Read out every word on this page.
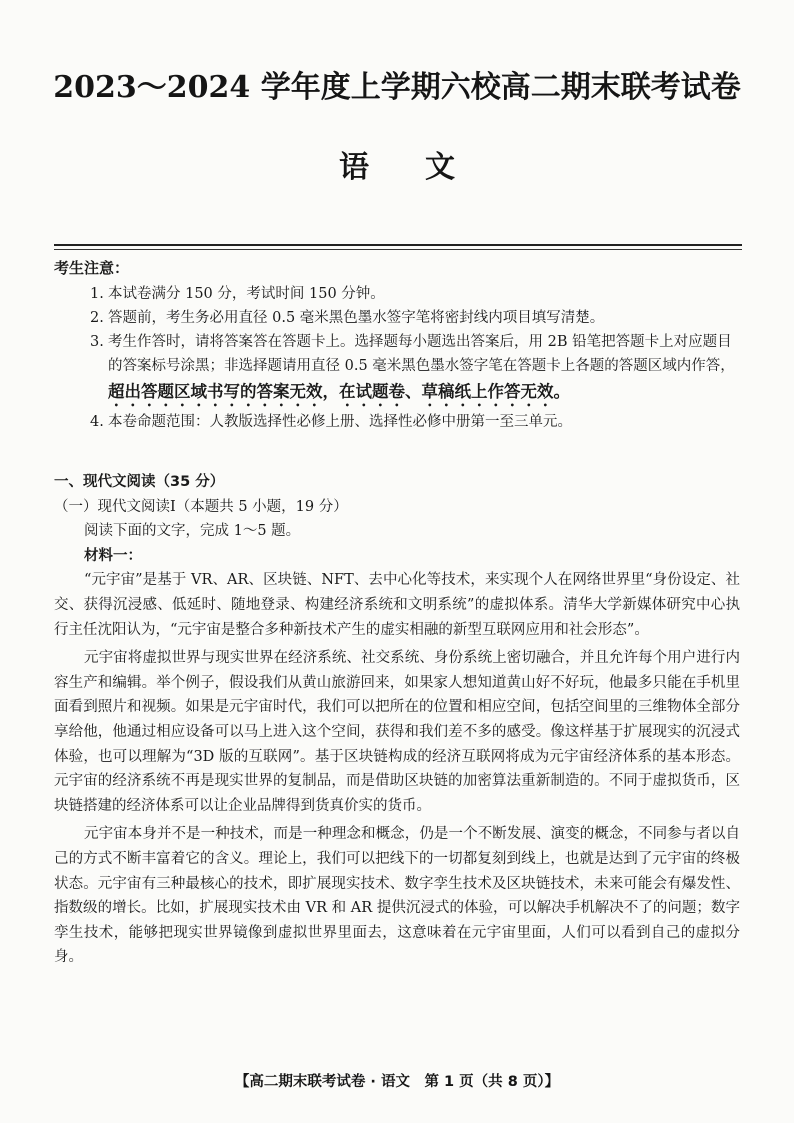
2023～2024 学年度上学期六校高二期末联考试卷
语文
考生注意：
1. 本试卷满分 150 分，考试时间 150 分钟。
2. 答题前，考生务必用直径 0.5 毫米黑色墨水签字笔将密封线内项目填写清楚。
3. 考生作答时，请将答案答在答题卡上。选择题每小题选出答案后，用 2B 铅笔把答题卡上对应题目的答案标号涂黑；非选择题请用直径 0.5 毫米黑色墨水签字笔在答题卡上各题的答题区域内作答，超出答题区域书写的答案无效，在试题卷、草稿纸上作答无效。
4. 本卷命题范围：人教版选择性必修上册、选择性必修中册第一至三单元。

一、现代文阅读（35 分）

（一）现代文阅读Ⅰ（本题共 5 小题，19 分）

阅读下面的文字，完成 1～5 题。

材料一：

“元宇宙”是基于 VR、AR、区块链、NFT、去中心化等技术，来实现个人在网络世界里“身份设定、社交、获得沉浸感、低延时、随地登录、构建经济系统和文明系统”的虚拟体系。清华大学新媒体研究中心执行主任沈阳认为，“元宇宙是整合多种新技术产生的虚实相融的新型互联网应用和社会形态”。

元宇宙将虚拟世界与现实世界在经济系统、社交系统、身份系统上密切融合，并且允许每个用户进行内容生产和编辑。举个例子，假设我们从黄山旅游回来，如果家人想知道黄山好不好玩，他最多只能在手机里面看到照片和视频。如果是元宇宙时代，我们可以把所在的位置和相应空间，包括空间里的三维物体全部分享给他，他通过相应设备可以马上进入这个空间，获得和我们差不多的感受。像这样基于扩展现实的沉浸式体验，也可以理解为“3D 版的互联网”。基于区块链构成的经济互联网将成为元宇宙经济体系的基本形态。元宇宙的经济系统不再是现实世界的复制品，而是借助区块链的加密算法重新制造的。不同于虚拟货币，区块链搭建的经济体系可以让企业品牌得到货真价实的货币。

元宇宙本身并不是一种技术，而是一种理念和概念，仍是一个不断发展、演变的概念，不同参与者以自己的方式不断丰富着它的含义。理论上，我们可以把线下的一切都复刻到线上，也就是达到了元宇宙的终极状态。元宇宙有三种最核心的技术，即扩展现实技术、数字孪生技术及区块链技术，未来可能会有爆发性、指数级的增长。比如，扩展现实技术由 VR 和 AR 提供沉浸式的体验，可以解决手机解决不了的问题；数字孪生技术，能够把现实世界镜像到虚拟世界里面去，这意味着在元宇宙里面，人们可以看到自己的虚拟分身。

【高二期末联考试卷 · 语文　第 1 页（共 8 页）】
